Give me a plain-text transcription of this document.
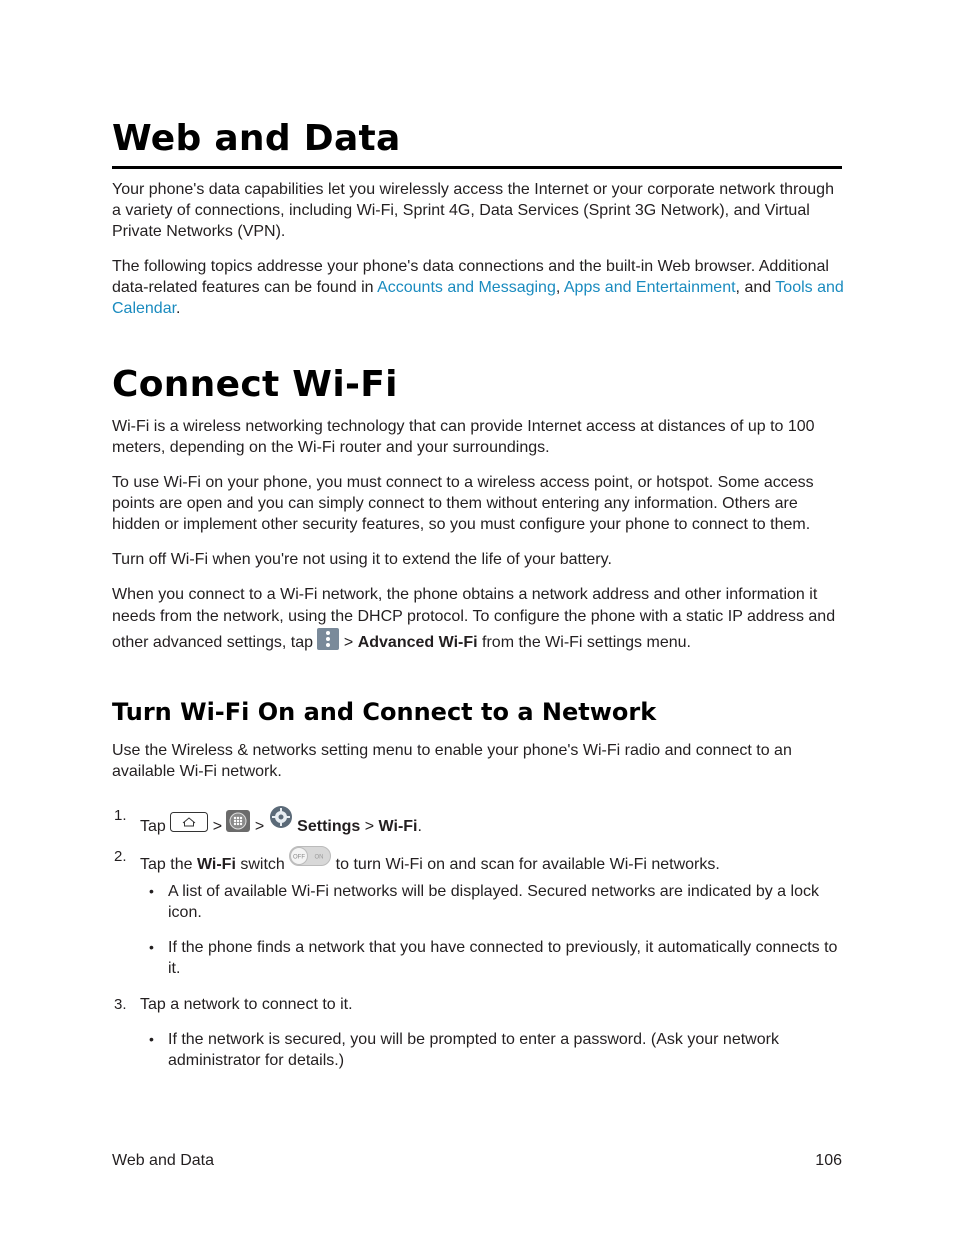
Web and Data

Your phone's data capabilities let you wirelessly access the Internet or your corporate network through a variety of connections, including Wi-Fi, Sprint 4G, Data Services (Sprint 3G Network), and Virtual Private Networks (VPN).

The following topics addresse your phone's data connections and the built-in Web browser. Additional data-related features can be found in Accounts and Messaging, Apps and Entertainment, and Tools and Calendar.

Connect Wi-Fi

Wi-Fi is a wireless networking technology that can provide Internet access at distances of up to 100 meters, depending on the Wi-Fi router and your surroundings.

To use Wi-Fi on your phone, you must connect to a wireless access point, or hotspot. Some access points are open and you can simply connect to them without entering any information. Others are hidden or implement other security features, so you must configure your phone to connect to them.

Turn off Wi-Fi when you're not using it to extend the life of your battery.

When you connect to a Wi-Fi network, the phone obtains a network address and other information it needs from the network, using the DHCP protocol. To configure the phone with a static IP address and other advanced settings, tap  > Advanced Wi-Fi from the Wi-Fi settings menu.

Turn Wi-Fi On and Connect to a Network

Use the Wireless & networks setting menu to enable your phone's Wi-Fi radio and connect to an available Wi-Fi network.

1.
Tap  >  >  Settings > Wi-Fi.
2. Tap the Wi-Fi switch OFF ON to turn Wi-Fi on and scan for available Wi-Fi networks.
• A list of available Wi-Fi networks will be displayed. Secured networks are indicated by a lock icon.
• If the phone finds a network that you have connected to previously, it automatically connects to it.
3. Tap a network to connect to it.
• If the network is secured, you will be prompted to enter a password. (Ask your network administrator for details.)
Web and Data	106
